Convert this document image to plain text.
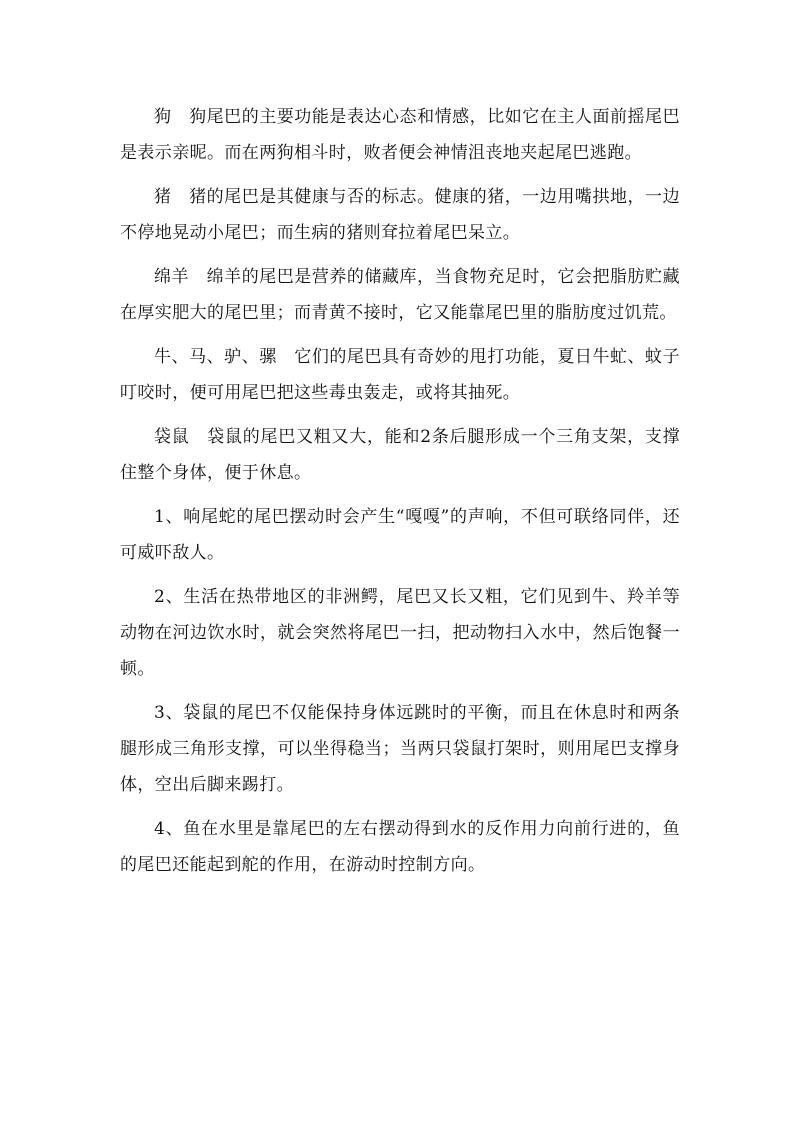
狗　狗尾巴的主要功能是表达心态和情感，比如它在主人面前摇尾巴是表示亲昵。而在两狗相斗时，败者便会神情沮丧地夹起尾巴逃跑。

猪　猪的尾巴是其健康与否的标志。健康的猪，一边用嘴拱地，一边不停地晃动小尾巴；而生病的猪则耷拉着尾巴呆立。

绵羊　绵羊的尾巴是营养的储藏库，当食物充足时，它会把脂肪贮藏在厚实肥大的尾巴里；而青黄不接时，它又能靠尾巴里的脂肪度过饥荒。

牛、马、驴、骡　它们的尾巴具有奇妙的甩打功能，夏日牛虻、蚊子叮咬时，便可用尾巴把这些毒虫轰走，或将其抽死。

袋鼠　袋鼠的尾巴又粗又大，能和2条后腿形成一个三角支架，支撑住整个身体，便于休息。

1、响尾蛇的尾巴摆动时会产生“嘎嘎”的声响，不但可联络同伴，还可威吓敌人。

2、生活在热带地区的非洲鳄，尾巴又长又粗，它们见到牛、羚羊等动物在河边饮水时，就会突然将尾巴一扫，把动物扫入水中，然后饱餐一顿。

3、袋鼠的尾巴不仅能保持身体远跳时的平衡，而且在休息时和两条腿形成三角形支撑，可以坐得稳当；当两只袋鼠打架时，则用尾巴支撑身体，空出后脚来踢打。

4、鱼在水里是靠尾巴的左右摆动得到水的反作用力向前行进的，鱼的尾巴还能起到舵的作用，在游动时控制方向。
